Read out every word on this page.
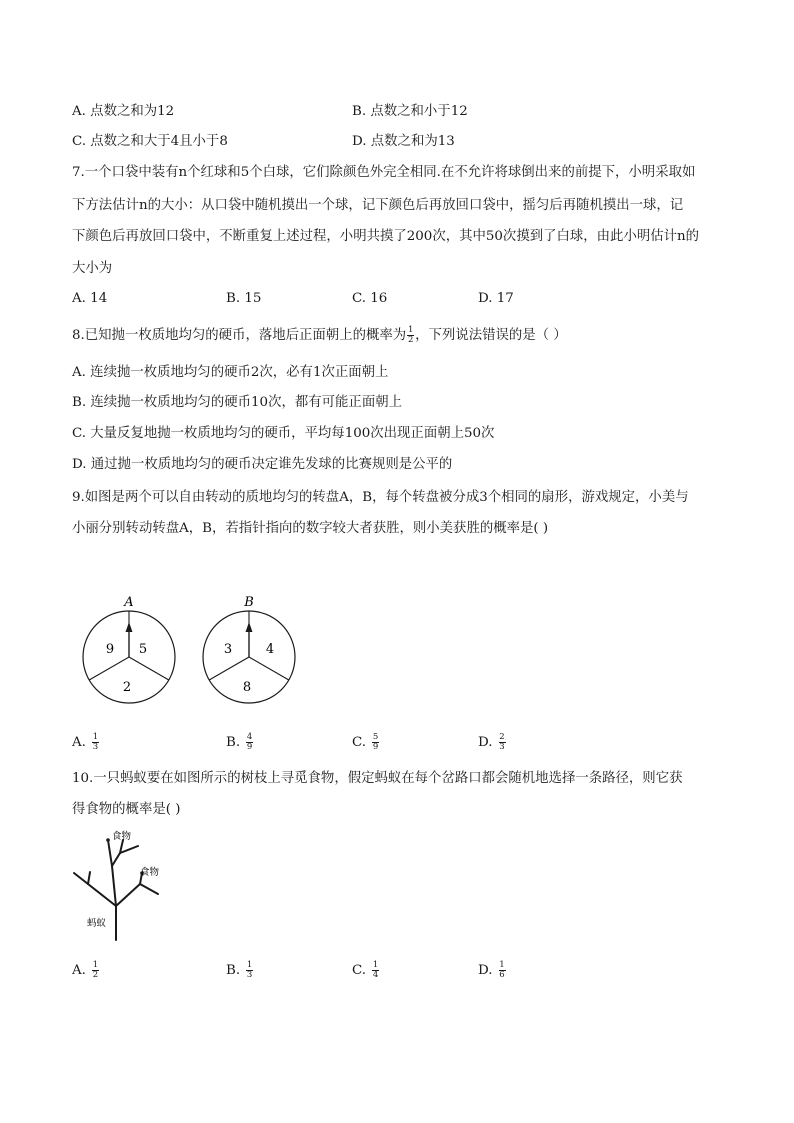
A. 点数之和为12	B. 点数之和小于12
C. 点数之和大于4且小于8	D. 点数之和为13
7.一个口袋中装有n个红球和5个白球，它们除颜色外完全相同.在不允许将球倒出来的前提下，小明采取如
下方法估计n的大小：从口袋中随机摸出一个球，记下颜色后再放回口袋中，摇匀后再随机摸出一球，记
下颜色后再放回口袋中，不断重复上述过程，小明共摸了200次，其中50次摸到了白球，由此小明估计n的
大小为
A. 14	B. 15	C. 16	D. 17
8.已知抛一枚质地均匀的硬币，落地后正面朝上的概率为 $\frac{1}{2}$ ，下列说法错误的是（ ）
A. 连续抛一枚质地均匀的硬币2次，必有1次正面朝上
B. 连续抛一枚质地均匀的硬币10次，都有可能正面朝上
C. 大量反复地抛一枚质地均匀的硬币，平均每100次出现正面朝上50次
D. 通过抛一枚质地均匀的硬币决定谁先发球的比赛规则是公平的
9.如图是两个可以自由转动的质地均匀的转盘A，B，每个转盘被分成3个相同的扇形，游戏规定，小美与
小丽分别转动转盘A，B，若指针指向的数字较大者获胜，则小美获胜的概率是( )
A
9 5
2
B
3	4
8
A. $\frac{1}{3}$	B. $\frac{4}{9}$	C. $\frac{5}{9}$	D. $\frac{2}{3}$
10.一只蚂蚁要在如图所示的树枝上寻觅食物，假定蚂蚁在每个岔路口都会随机地选择一条路径，则它获
得食物的概率是( )
食物
食物
蚂蚁
A. $\frac{1}{2}$	B. $\frac{1}{3}$	C. $\frac{1}{4}$	D. $\frac{1}{6}$
